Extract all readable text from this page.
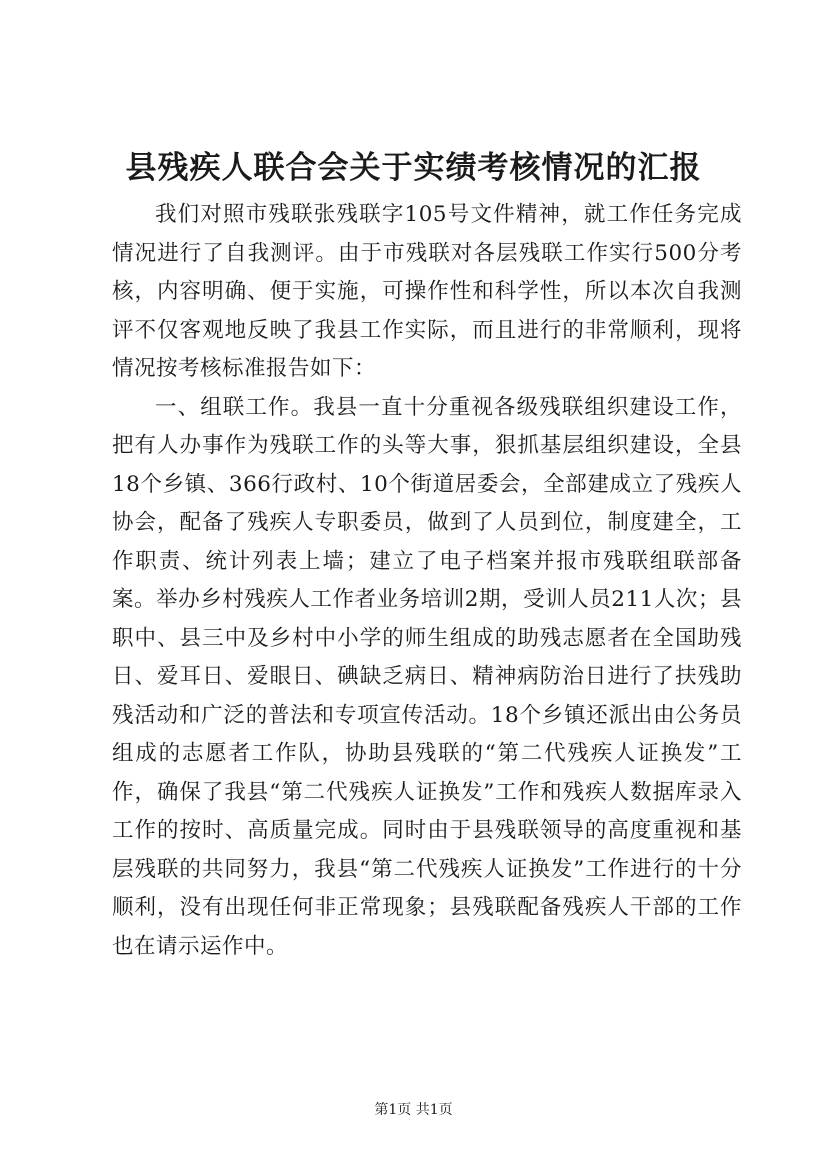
县残疾人联合会关于实绩考核情况的汇报

我们对照市残联张残联字105号文件精神，就工作任务完成情况进行了自我测评。由于市残联对各层残联工作实行500分考核，内容明确、便于实施，可操作性和科学性，所以本次自我测评不仅客观地反映了我县工作实际，而且进行的非常顺利，现将情况按考核标准报告如下：

一、组联工作。我县一直十分重视各级残联组织建设工作，把有人办事作为残联工作的头等大事，狠抓基层组织建设，全县18个乡镇、366行政村、10个街道居委会，全部建成立了残疾人协会，配备了残疾人专职委员，做到了人员到位，制度建全，工作职责、统计列表上墙；建立了电子档案并报市残联组联部备案。举办乡村残疾人工作者业务培训2期，受训人员211人次；县职中、县三中及乡村中小学的师生组成的助残志愿者在全国助残日、爱耳日、爱眼日、碘缺乏病日、精神病防治日进行了扶残助残活动和广泛的普法和专项宣传活动。18个乡镇还派出由公务员组成的志愿者工作队，协助县残联的“第二代残疾人证换发”工作，确保了我县“第二代残疾人证换发”工作和残疾人数据库录入工作的按时、高质量完成。同时由于县残联领导的高度重视和基层残联的共同努力，我县“第二代残疾人证换发”工作进行的十分顺利，没有出现任何非正常现象；县残联配备残疾人干部的工作也在请示运作中。

第1页 共1页
